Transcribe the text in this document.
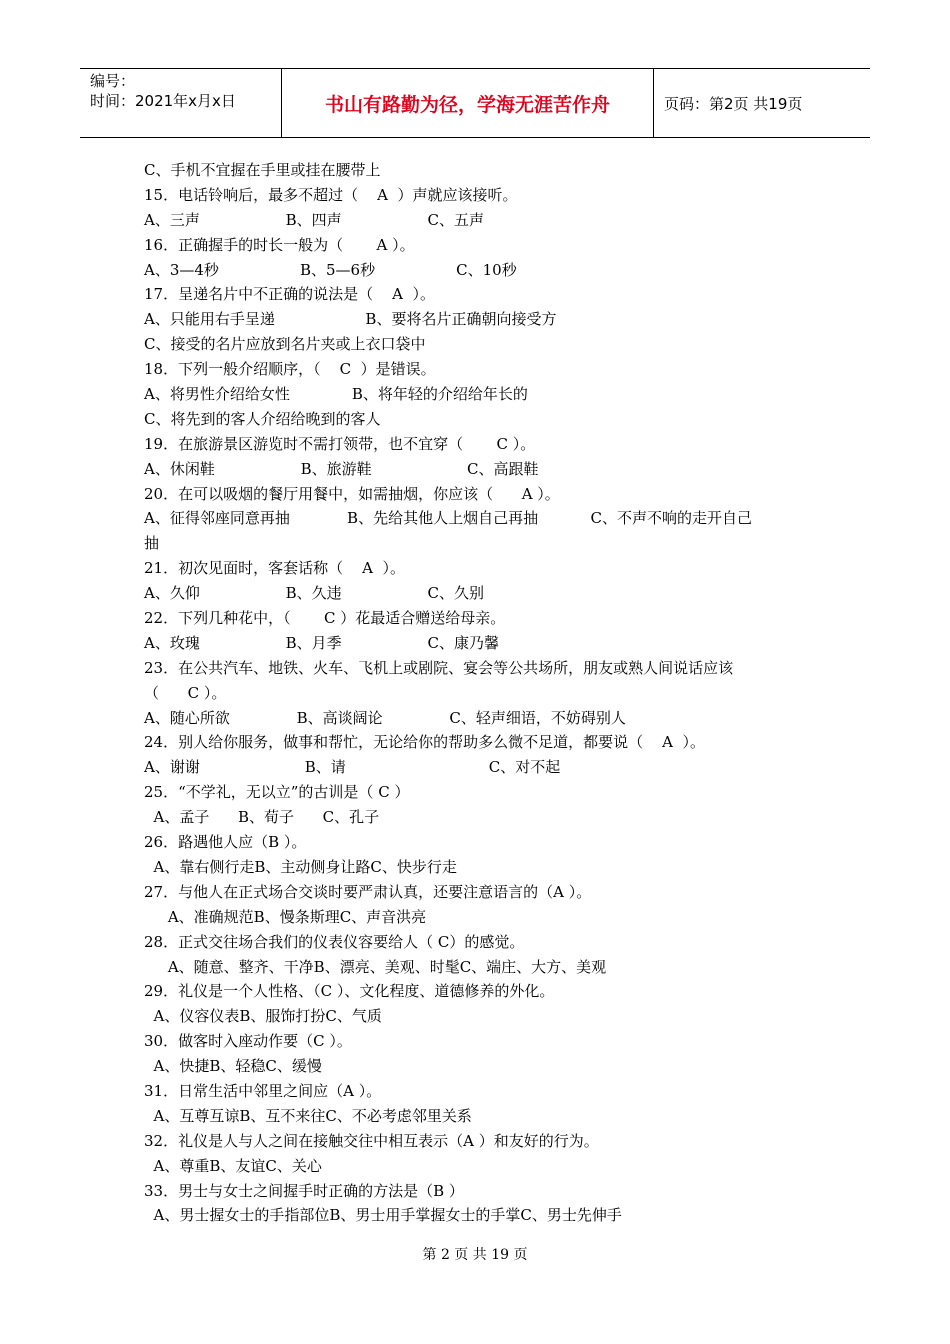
编号：
时间：2021年x月x日	书山有路勤为径，学海无涯苦作舟	页码：第2页 共19页
C、手机不宜握在手里或挂在腰带上
15．电话铃响后，最多不超过（    A  ）声就应该接听。
A、三声                  B、四声                  C、五声
16．正确握手的时长一般为（       A ）。
A、3—4秒                 B、5—6秒                 C、10秒
17．呈递名片中不正确的说法是（    A  ）。
A、只能用右手呈递                   B、要将名片正确朝向接受方
C、接受的名片应放到名片夹或上衣口袋中
18．下列一般介绍顺序，（    C  ）是错误。
A、将男性介绍给女性             B、将年轻的介绍给年长的
C、将先到的客人介绍给晚到的客人
19．在旅游景区游览时不需打领带，也不宜穿（       C ）。
A、休闲鞋                  B、旅游鞋                    C、高跟鞋
20．在可以吸烟的餐厅用餐中，如需抽烟，你应该（      A ）。
A、征得邻座同意再抽            B、先给其他人上烟自己再抽           C、不声不响的走开自己
抽
21．初次见面时，客套话称（    A  ）。
A、久仰                  B、久违                  C、久别
22．下列几种花中，（       C ）花最适合赠送给母亲。
A、玫瑰                  B、月季                  C、康乃馨
23．在公共汽车、地铁、火车、飞机上或剧院、宴会等公共场所，朋友或熟人间说话应该
（      C ）。
A、随心所欲              B、高谈阔论              C、轻声细语，不妨碍别人
24．别人给你服务，做事和帮忙，无论给你的帮助多么微不足道，都要说（    A  ）。
A、谢谢                      B、请                              C、对不起
25．“不学礼，无以立”的古训是（ C ）
A、孟子      B、荀子      C、孔子
26．路遇他人应（B ）。
A、靠右侧行走B、主动侧身让路C、快步行走
27．与他人在正式场合交谈时要严肃认真，还要注意语言的（A ）。
A、准确规范B、慢条斯理C、声音洪亮
28．正式交往场合我们的仪表仪容要给人（ C）的感觉。
A、随意、整齐、干净B、漂亮、美观、时髦C、端庄、大方、美观
29．礼仪是一个人性格、（C ）、文化程度、道德修养的外化。
A、仪容仪表B、服饰打扮C、气质
30．做客时入座动作要（C ）。
A、快捷B、轻稳C、缓慢
31．日常生活中邻里之间应（A ）。
A、互尊互谅B、互不来往C、不必考虑邻里关系
32．礼仪是人与人之间在接触交往中相互表示（A ）和友好的行为。
A、尊重B、友谊C、关心
33．男士与女士之间握手时正确的方法是（B ）
A、男士握女士的手指部位B、男士用手掌握女士的手掌C、男士先伸手
第 2 页 共 19 页
